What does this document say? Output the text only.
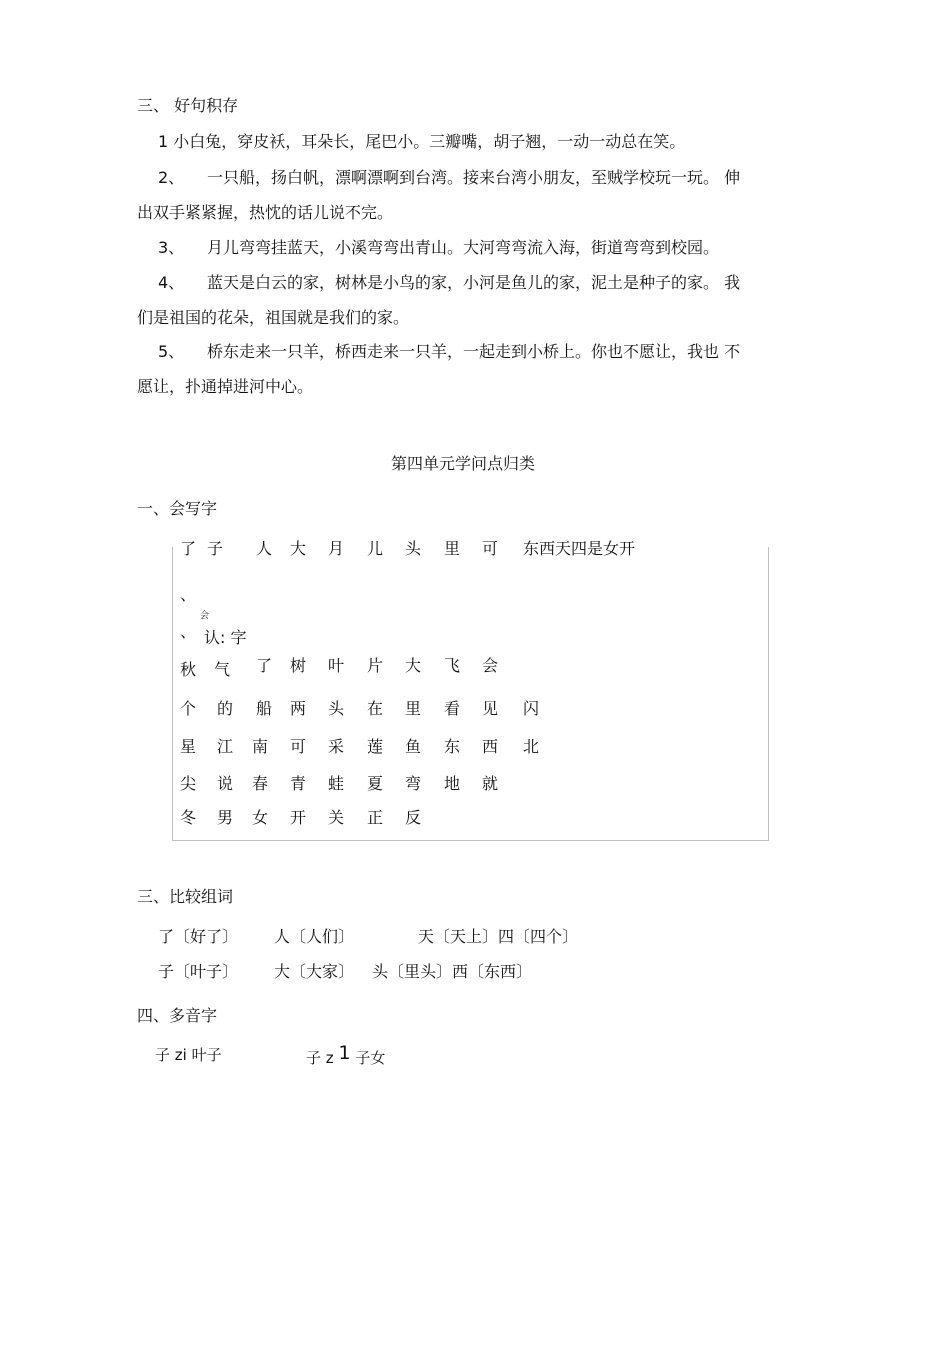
三、 好句积存
1 小白兔，穿皮袄，耳朵长，尾巴小。三瓣嘴，胡子翘，一动一动总在笑。
2、 一只船，扬白帆，漂啊漂啊到台湾。接来台湾小朋友，至贼学校玩一玩。 伸
出双手紧紧握，热忱的话儿说不完。
3、 月儿弯弯挂蓝天，小溪弯弯出青山。大河弯弯流入海，街道弯弯到校园。
4、 蓝天是白云的家，树林是小鸟的家，小河是鱼儿的家，泥土是种子的家。 我
们是祖国的花朵，祖国就是我们的家。
5、 桥东走来一只羊，桥西走来一只羊，一起走到小桥上。你也不愿让，我也 不
愿让，扑通掉进河中心。
第四单元学问点归类
一、会写字
了 子 人 大 月 儿 头 里 可 东西天四是女开
、
会
、 认: 字
秋 气 了 树 叶 片 大 飞 会
个 的 船 两 头 在 里 看 见 闪
星 江 南 可 采 莲 鱼 东 西 北
尖 说 春 青 蛙 夏 弯 地 就
冬 男 女 开 关 正 反
三、比较组词
了〔好了〕 人〔人们〕	天〔天上〕四〔四个〕
子〔叶子〕 大〔大家〕 头〔里头〕西〔东西〕
四、多音字
子 zi 叶子	子 z 1 子女
